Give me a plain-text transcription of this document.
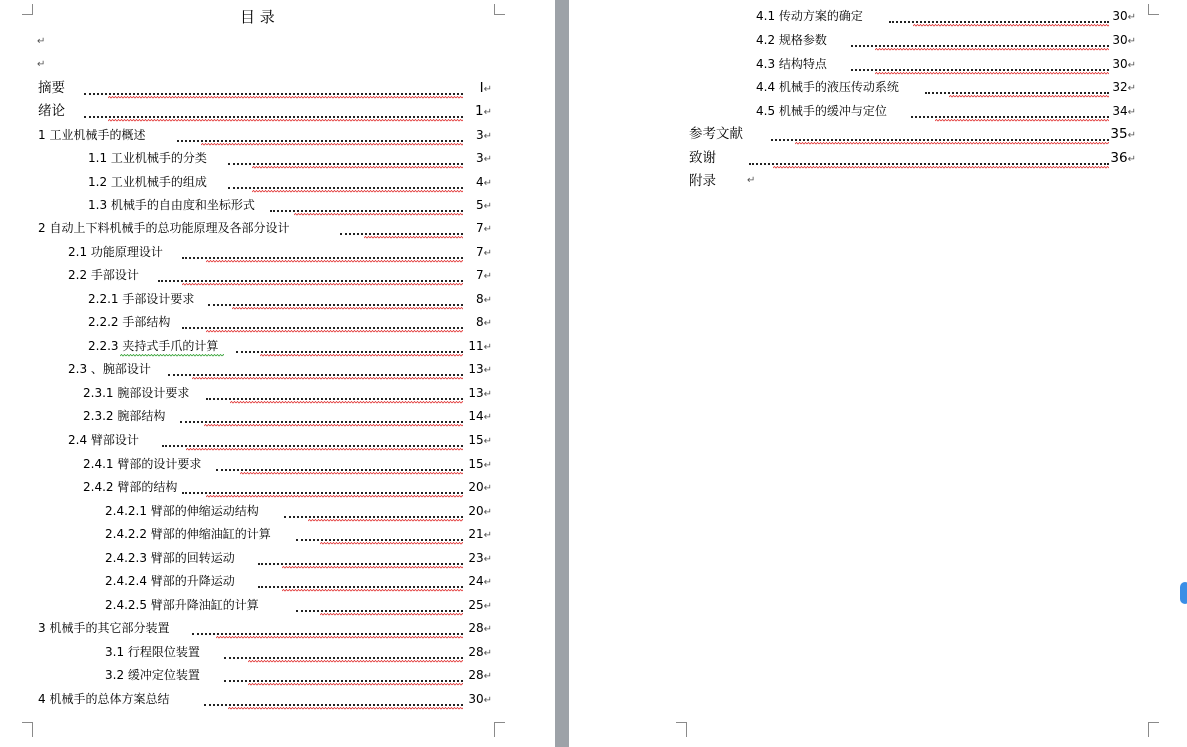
目 录
↵
↵
摘要	I↵
绪论	1↵
1 工业机械手的概述	3↵
1.1 工业机械手的分类	3↵
1.2 工业机械手的组成	4↵
1.3 机械手的自由度和坐标形式	5↵
2 自动上下料机械手的总功能原理及各部分设计	7↵
2.1 功能原理设计	7↵
2.2 手部设计	7↵
2.2.1 手部设计要求	8↵
2.2.2 手部结构	8↵
2.2.3 夹持式手爪的计算	11↵
2.3 、腕部设计	13↵
2.3.1 腕部设计要求	13↵
2.3.2 腕部结构	14↵
2.4 臂部设计	15↵
2.4.1 臂部的设计要求	15↵
2.4.2 臂部的结构	20↵
2.4.2.1 臂部的伸缩运动结构	20↵
2.4.2.2 臂部的伸缩油缸的计算	21↵
2.4.2.3 臂部的回转运动	23↵
2.4.2.4 臂部的升降运动	24↵
2.4.2.5 臂部升降油缸的计算	25↵
3 机械手的其它部分装置	28↵
3.1 行程限位装置	28↵
3.2 缓冲定位装置	28↵
4 机械手的总体方案总结	30↵
4.1 传动方案的确定	30↵
4.2 规格参数	30↵
4.3 结构特点	30↵
4.4 机械手的液压传动系统	32↵
4.5 机械手的缓冲与定位	34↵
参考文献	35↵
致谢	36↵
附录	↵
